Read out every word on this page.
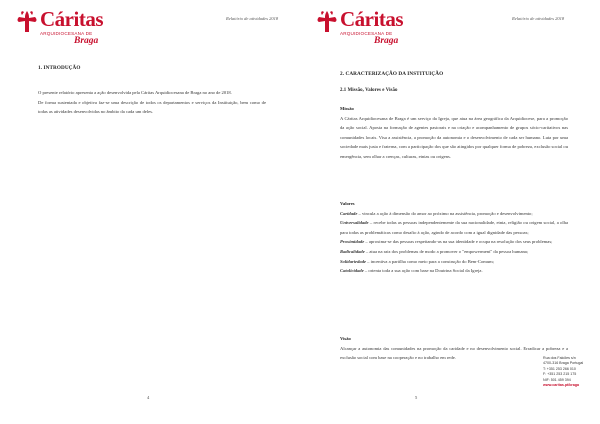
Cáritas
ARQUIDIOCESANA DE
Braga
Relatório de atividades 2018
1. INTRODUÇÃO

O presente relatório apresenta a ação desenvolvida pela Cáritas Arquidiocesana de Braga no ano de 2018.

De forma sustentada e objetiva faz-se uma descrição de todos os departamentos e serviços da Instituição, bem como de todas as atividades desenvolvidas no âmbito da cada um deles.

4
Cáritas
ARQUIDIOCESANA DE
Braga
Relatório de atividades 2018
2. CARACTERIZAÇÃO DA INSTITUIÇÃO
2.1 Missão, Valores e Visão

Missão

A Cáritas Arquidiocesana de Braga é um serviço da Igreja, que atua na área geográfica da Arquidiocese, para a promoção da ação social. Aposta na formação de agentes pastorais e na criação e acompanhamento de grupos sócio-caritativos nas comunidades locais. Visa a assistência, a promoção da autonomia e o desenvolvimento de cada ser humano. Luta por uma sociedade mais justa e fraterna, com a participação dos que são atingidos por qualquer forma de pobreza, exclusão social ou emergência, sem olhar a crenças, culturas, etnias ou origens.

Valores

Caridade – vincula a ação à dimensão do amor ao próximo na assistência, promoção e desenvolvimento;

Universalidade – recebe todas as pessoas independentemente da sua nacionalidade, etnia, religião ou origem social, a olha para todas as problemáticas como desafio à ação, agindo de acordo com a igual dignidade das pessoas;

Proximidade – aproxima-se das pessoas respeitando-as na sua identidade e ocupa na resolução dos seus problemas;

Radicalidade – atua na raiz dos problemas de modo a promover o "empowerment" da pessoa humana;

Solidariedade – incentiva a partilha como meio para a construção do Bem-Comum;

Catolicidade – orienta toda a sua ação com base na Doutrina Social da Igreja.

Visão

Alcançar a autonomia das comunidades na promoção da caridade e no desenvolvimento social. Erradicar a pobreza e a exclusão social com base na cooperação e no trabalho em rede.

5
Rua dos Falcões s/n
4700-316 Braga Portugal
T: +351 253 266 010
F: +351 253 215 175
NIF: 501 459 394
www.caritas.pt/braga
